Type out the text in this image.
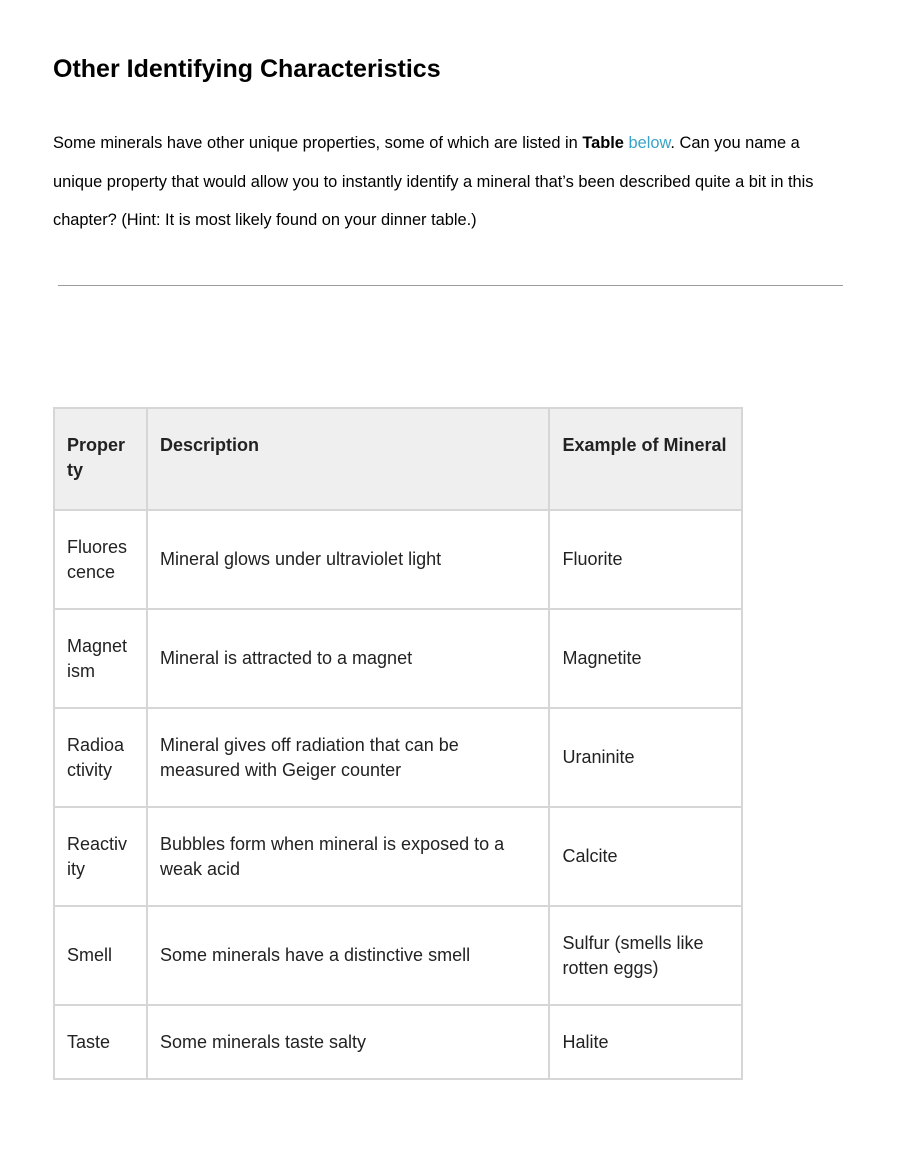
Other Identifying Characteristics

Some minerals have other unique properties, some of which are listed in Table below. Can you name a unique property that would allow you to instantly identify a mineral that’s been described quite a bit in this chapter? (Hint: It is most likely found on your dinner table.)

Proper ty	Description	Example of Mineral
Fluores cence	Mineral glows under ultraviolet light	Fluorite
Magnet ism	Mineral is attracted to a magnet	Magnetite
Radioa ctivity	Mineral gives off radiation that can be measured with Geiger counter	Uraninite
Reactiv ity	Bubbles form when mineral is exposed to a weak acid	Calcite
Smell	Some minerals have a distinctive smell	Sulfur (smells like rotten eggs)
Taste	Some minerals taste salty	Halite
